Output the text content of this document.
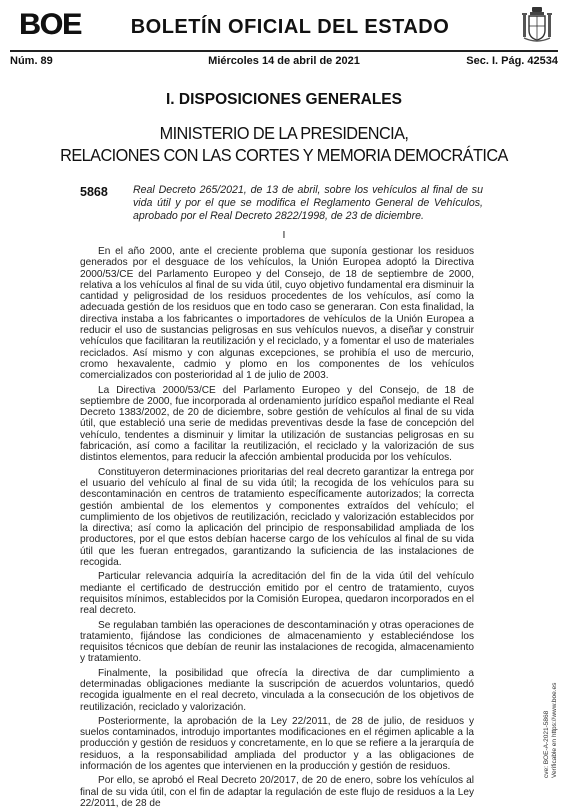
BOE	BOLETÍN OFICIAL DEL ESTADO
Núm. 89	Miércoles 14 de abril de 2021	Sec. I. Pág. 42534
I. DISPOSICIONES GENERALES
MINISTERIO DE LA PRESIDENCIA,
RELACIONES CON LAS CORTES Y MEMORIA DEMOCRÁTICA
5868 Real Decreto 265/2021, de 13 de abril, sobre los vehículos al final de su vida útil y por el que se modifica el Reglamento General de Vehículos, aprobado por el Real Decreto 2822/1998, de 23 de diciembre.
I

En el año 2000, ante el creciente problema que suponía gestionar los residuos generados por el desguace de los vehículos, la Unión Europea adoptó la Directiva 2000/53/CE del Parlamento Europeo y del Consejo, de 18 de septiembre de 2000, relativa a los vehículos al final de su vida útil, cuyo objetivo fundamental era disminuir la cantidad y peligrosidad de los residuos procedentes de los vehículos, así como la adecuada gestión de los residuos que en todo caso se generaran. Con esta finalidad, la directiva instaba a los fabricantes o importadores de vehículos de la Unión Europea a reducir el uso de sustancias peligrosas en sus vehículos nuevos, a diseñar y construir vehículos que facilitaran la reutilización y el reciclado, y a fomentar el uso de materiales reciclados. Así mismo y con algunas excepciones, se prohibía el uso de mercurio, cromo hexavalente, cadmio y plomo en los componentes de los vehículos comercializados con posterioridad al 1 de julio de 2003.

La Directiva 2000/53/CE del Parlamento Europeo y del Consejo, de 18 de septiembre de 2000, fue incorporada al ordenamiento jurídico español mediante el Real Decreto 1383/2002, de 20 de diciembre, sobre gestión de vehículos al final de su vida útil, que estableció una serie de medidas preventivas desde la fase de concepción del vehículo, tendentes a disminuir y limitar la utilización de sustancias peligrosas en su fabricación, así como a facilitar la reutilización, el reciclado y la valorización de sus distintos elementos, para reducir la afección ambiental producida por los vehículos.

Constituyeron determinaciones prioritarias del real decreto garantizar la entrega por el usuario del vehículo al final de su vida útil; la recogida de los vehículos para su descontaminación en centros de tratamiento específicamente autorizados; la correcta gestión ambiental de los elementos y componentes extraídos del vehículo; el cumplimiento de los objetivos de reutilización, reciclado y valorización establecidos por la directiva; así como la aplicación del principio de responsabilidad ampliada de los productores, por el que estos debían hacerse cargo de los vehículos al final de su vida útil que les fueran entregados, garantizando la suficiencia de las instalaciones de recogida.

Particular relevancia adquiría la acreditación del fin de la vida útil del vehículo mediante el certificado de destrucción emitido por el centro de tratamiento, cuyos requisitos mínimos, establecidos por la Comisión Europea, quedaron incorporados en el real decreto.

Se regulaban también las operaciones de descontaminación y otras operaciones de tratamiento, fijándose las condiciones de almacenamiento y estableciéndose los requisitos técnicos que debían de reunir las instalaciones de recogida, almacenamiento y tratamiento.

Finalmente, la posibilidad que ofrecía la directiva de dar cumplimiento a determinadas obligaciones mediante la suscripción de acuerdos voluntarios, quedó recogida igualmente en el real decreto, vinculada a la consecución de los objetivos de reutilización, reciclado y valorización.

Posteriormente, la aprobación de la Ley 22/2011, de 28 de julio, de residuos y suelos contaminados, introdujo importantes modificaciones en el régimen aplicable a la producción y gestión de residuos y concretamente, en lo que se refiere a la jerarquía de residuos, a la responsabilidad ampliada del productor y a las obligaciones de información de los agentes que intervienen en la producción y gestión de residuos.

Por ello, se aprobó el Real Decreto 20/2017, de 20 de enero, sobre los vehículos al final de su vida útil, con el fin de adaptar la regulación de este flujo de residuos a la Ley 22/2011, de 28 de

cve: BOE-A-2021-5868 Verificable en https://www.boe.es
